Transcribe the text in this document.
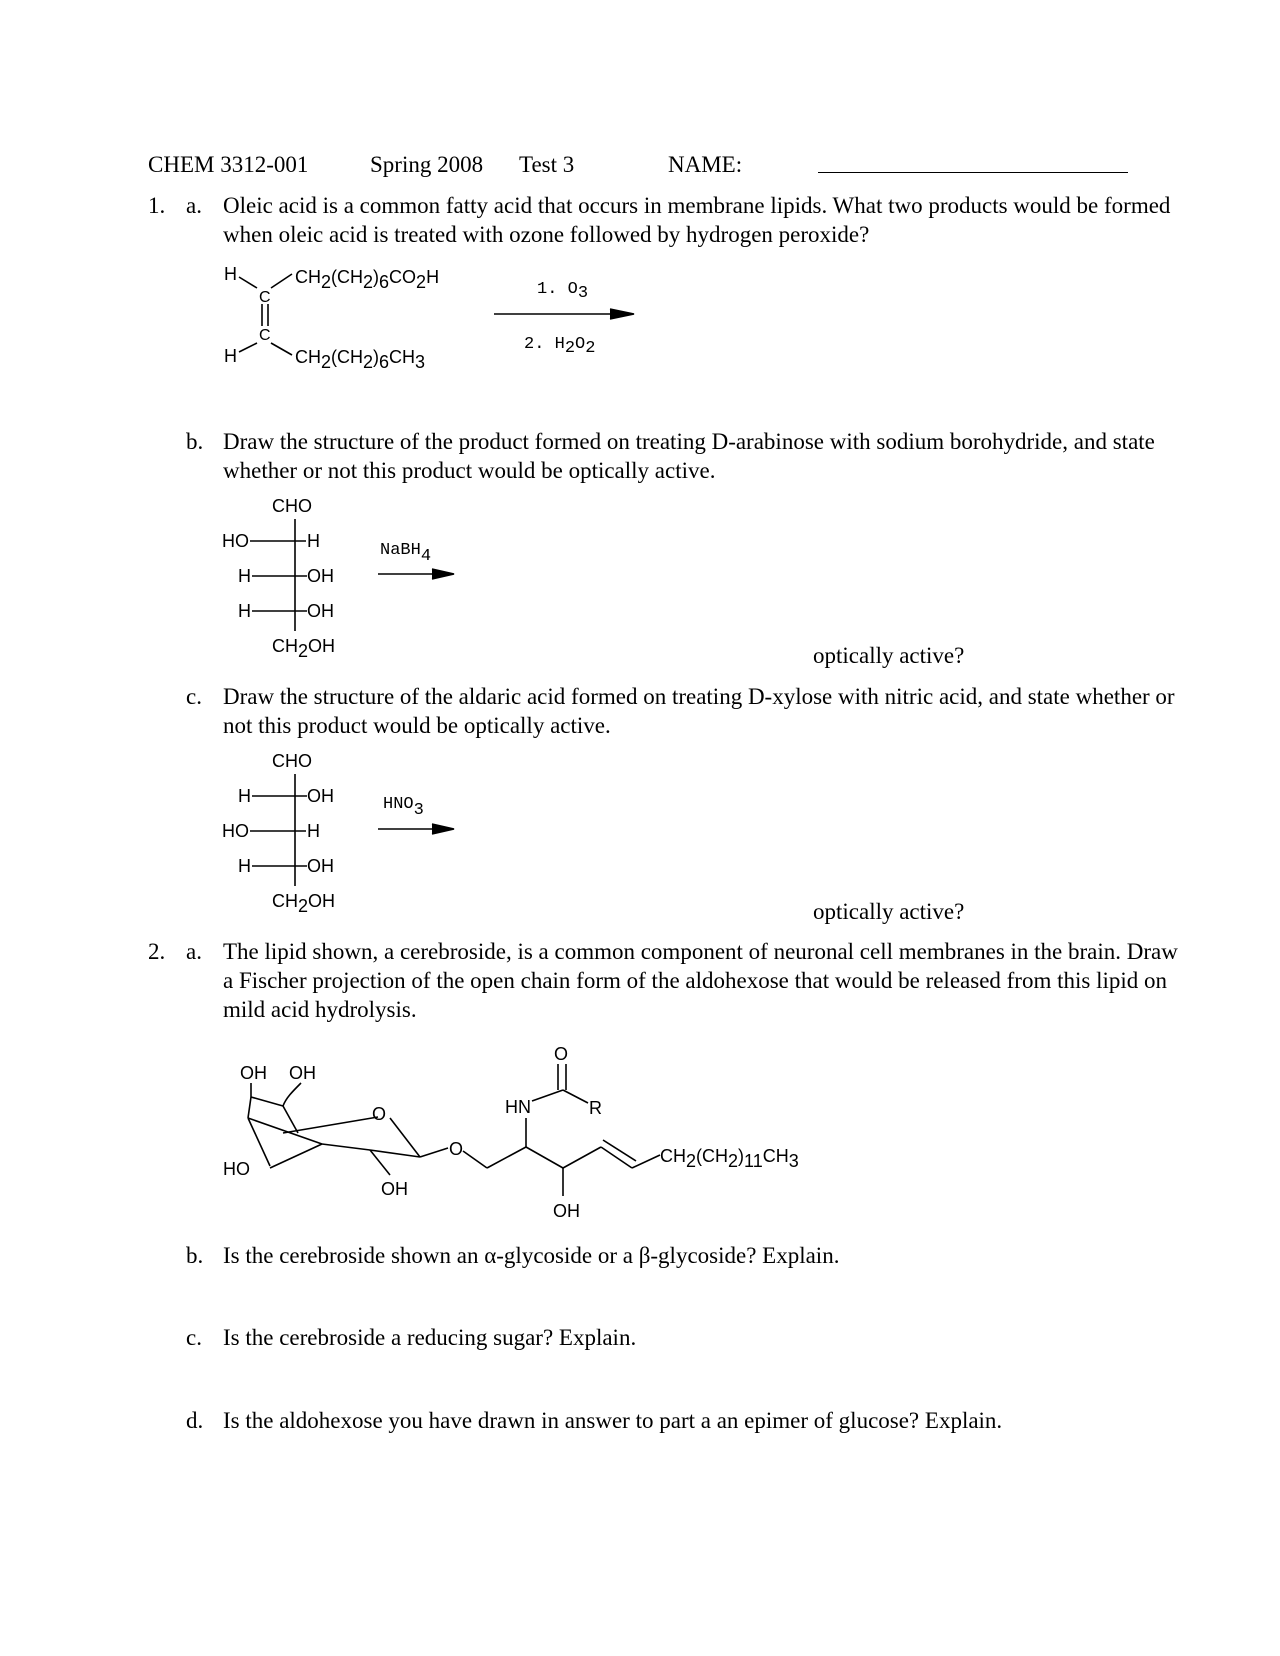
CHEM 3312-001	Spring 2008 Test 3	NAME:
1. a. Oleic acid is a common fatty acid that occurs in membrane lipids. What two products would be formed when oleic acid is treated with ozone followed by hydrogen peroxide?
H
H
C
C
CH2(CH2)6CO2H
CH2(CH2)6CH3
1. O3
2. H2O2
b. Draw the structure of the product formed on treating D-arabinose with sodium borohydride, and state whether or not this product would be optically active.
CHO
HO	H
H	OH
H	OH
CH2OH
NaBH4
optically active?
c. Draw the structure of the aldaric acid formed on treating D-xylose with nitric acid, and state whether or not this product would be optically active.
CHO
H	OH
HO	H
H	OH
CH2OH
HNO3
optically active?
2. a. The lipid shown, a cerebroside, is a common component of neuronal cell membranes in the brain. Draw a Fischer projection of the open chain form of the aldohexose that would be released from this lipid on mild acid hydrolysis.
OH OH
O
OH
HO
O
HN
O
R
OH
CH2(CH2)11CH3
b. Is the cerebroside shown an α-glycoside or a β-glycoside? Explain.
c. Is the cerebroside a reducing sugar? Explain.
d. Is the aldohexose you have drawn in answer to part a an epimer of glucose? Explain.
